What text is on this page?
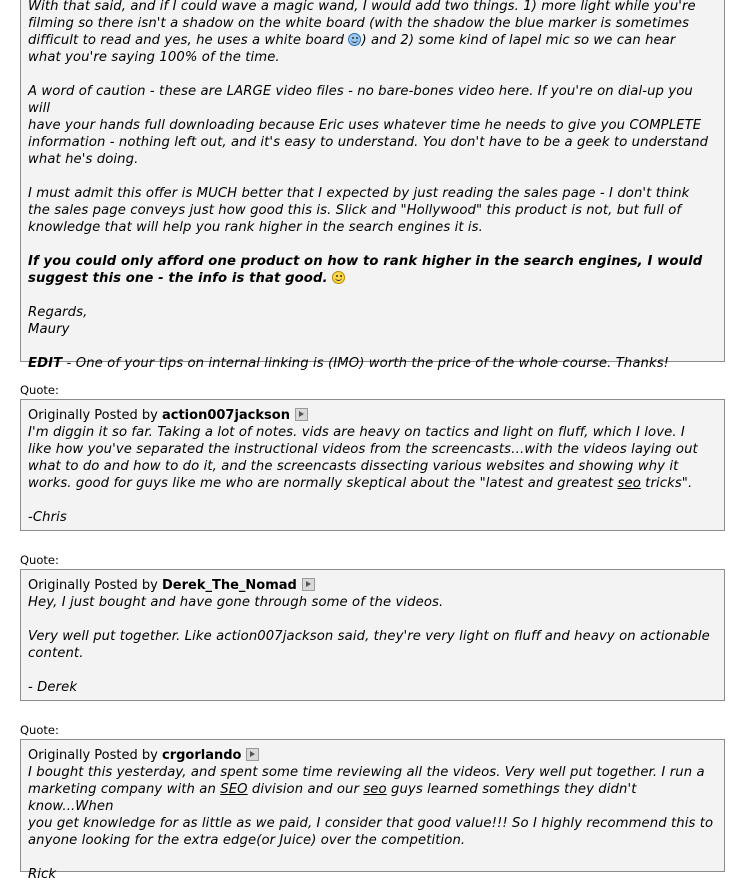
With that said, and if I could wave a magic wand, I would add two things. 1) more light while you're

filming so there isn't a shadow on the white board (with the shadow the blue marker is sometimes

difficult to read and yes, he uses a white board ) and 2) some kind of lapel mic so we can hear

what you're saying 100% of the time.

A word of caution - these are LARGE video files - no bare-bones video here. If you're on dial-up you will

have your hands full downloading because Eric uses whatever time he needs to give you COMPLETE

information - nothing left out, and it's easy to understand. You don't have to be a geek to understand

what he's doing.

I must admit this offer is MUCH better that I expected by just reading the sales page - I don't think

the sales page conveys just how good this is. Slick and "Hollywood" this product is not, but full of

knowledge that will help you rank higher in the search engines it is.

If you could only afford one product on how to rank higher in the search engines, I would

suggest this one - the info is that good.

Regards,

Maury

EDIT - One of your tips on internal linking is (IMO) worth the price of the whole course. Thanks!

Quote:
Originally Posted by action007jackson

I'm diggin it so far. Taking a lot of notes. vids are heavy on tactics and light on fluff, which I love. I

like how you've separated the instructional videos from the screencasts…with the videos laying out

what to do and how to do it, and the screencasts dissecting various websites and showing why it

works. good for guys like me who are normally skeptical about the "latest and greatest seo tricks".

-Chris

Quote:
Originally Posted by Derek_The_Nomad

Hey, I just bought and have gone through some of the videos.

Very well put together. Like action007jackson said, they're very light on fluff and heavy on actionable

content.

- Derek

Quote:
Originally Posted by crgorlando

I bought this yesterday, and spent some time reviewing all the videos. Very well put together. I run a

marketing company with an SEO division and our seo guys learned somethings they didn't know...When

you get knowledge for as little as we paid, I consider that good value!!! So I highly recommend this to

anyone looking for the extra edge(or Juice) over the competition.

Rick
